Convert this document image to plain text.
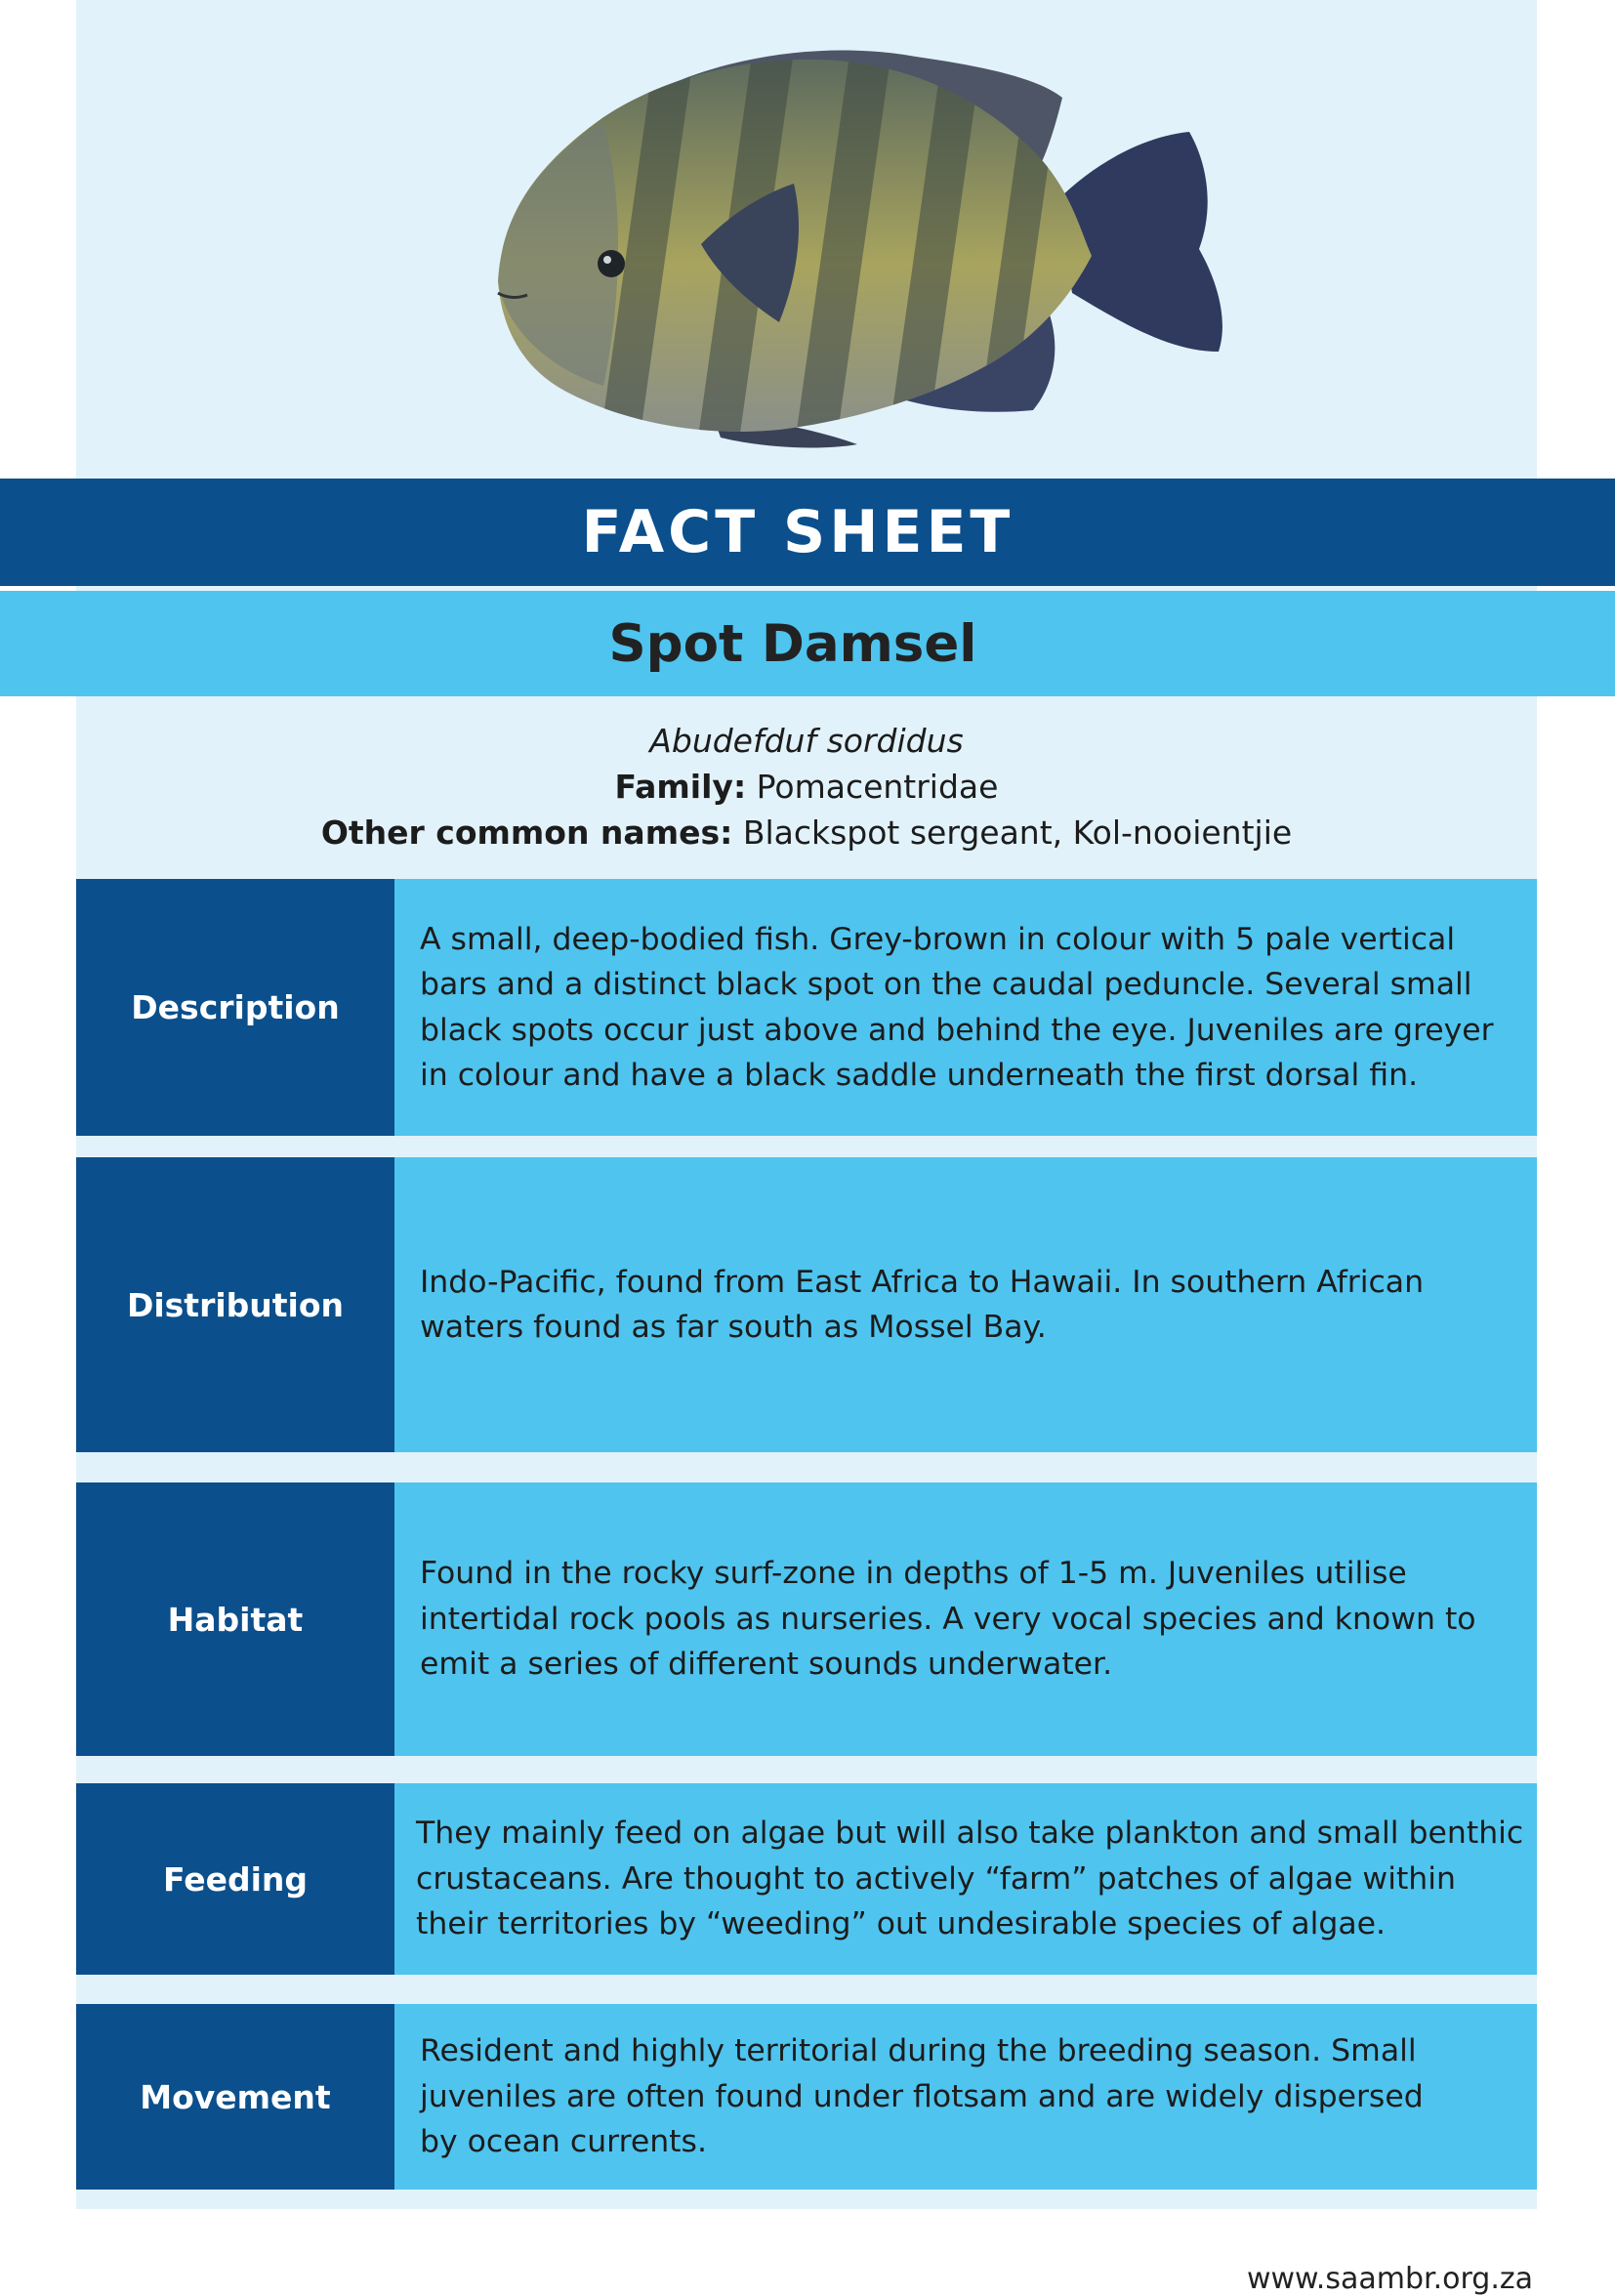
FACT SHEET
Spot Damsel
Abudefduf sordidus
Family: Pomacentridae
Other common names: Blackspot sergeant, Kol-nooientjie
Description
A small, deep-bodied fish. Grey-brown in colour with 5 pale vertical bars and a distinct black spot on the caudal peduncle. Several small black spots occur just above and behind the eye. Juveniles are greyer in colour and have a black saddle underneath the first dorsal fin.
Distribution
Indo-Pacific, found from East Africa to Hawaii. In southern African waters found as far south as Mossel Bay.
Habitat
Found in the rocky surf-zone in depths of 1-5 m. Juveniles utilise intertidal rock pools as nurseries. A very vocal species and known to emit a series of different sounds underwater.
Feeding
They mainly feed on algae but will also take plankton and small benthic crustaceans. Are thought to actively “farm” patches of algae within their territories by “weeding” out undesirable species of algae.
Movement
Resident and highly territorial during the breeding season. Small juveniles are often found under flotsam and are widely dispersed by ocean currents.
www.saambr.org.za
